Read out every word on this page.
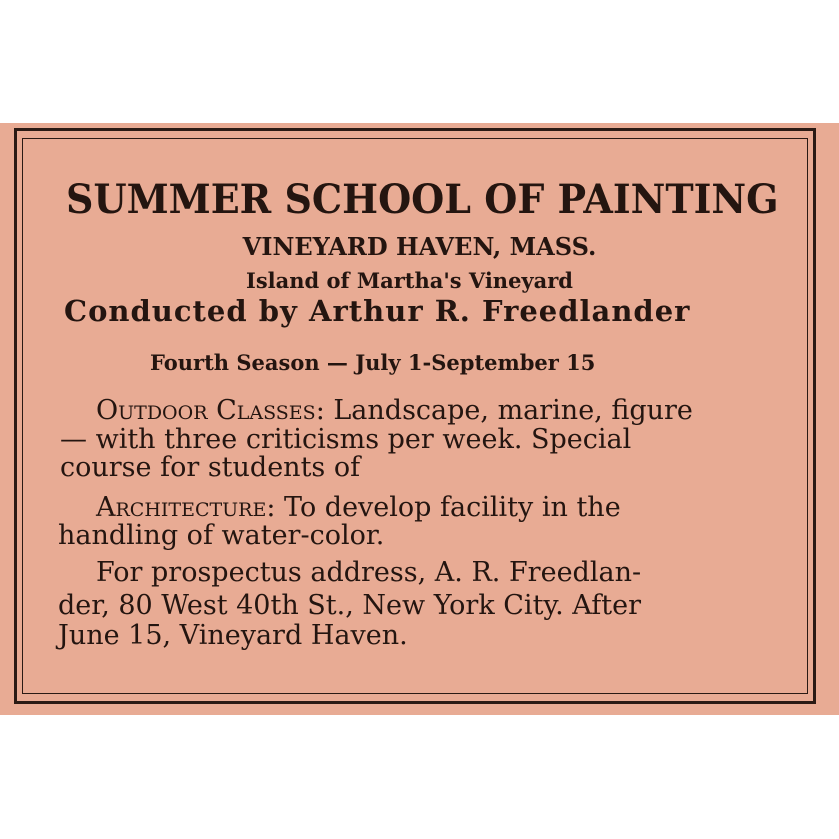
SUMMER SCHOOL OF PAINTING
VINEYARD HAVEN, MASS.
Island of Martha's Vineyard
Conducted by Arthur R. Freedlander
Fourth Season — July 1-September 15
Outdoor Classes: Landscape, marine, figure
— with three criticisms per week. Special
course for students of
Architecture: To develop facility in the
handling of water-color.
For prospectus address, A. R. Freedlan-
der, 80 West 40th St., New York City. After
June 15, Vineyard Haven.
